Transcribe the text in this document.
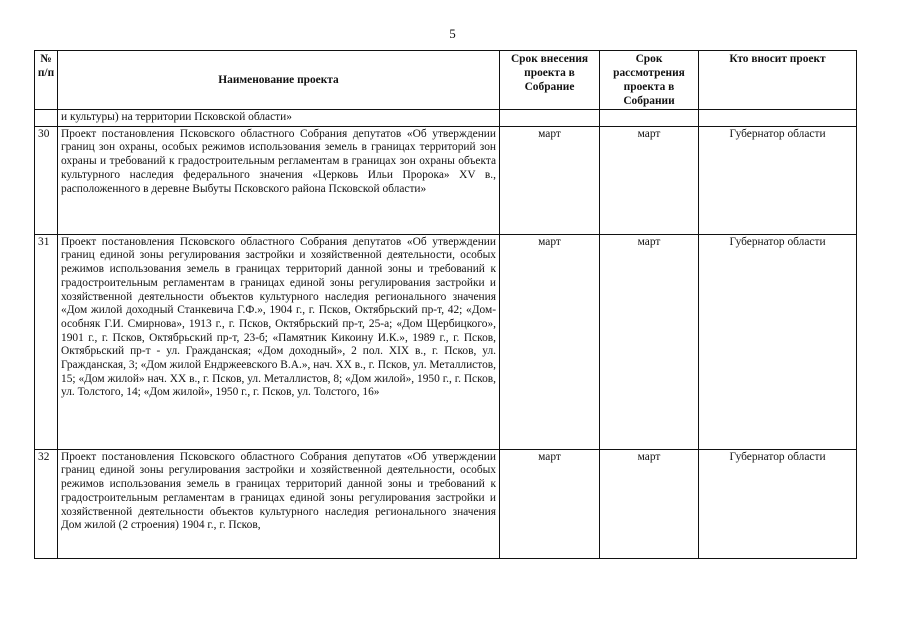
5
№ п/п	Наименование проекта	Срок внесения проекта в Собрание	Срок рассмотрения проекта в Собрании	Кто вносит проект
	и культуры) на территории Псковской области»			
30	Проект постановления Псковского областного Собрания депутатов «Об утверждении границ зон охраны, особых режимов использования земель в границах территорий зон охраны и требований к градостроительным регламентам в границах зон охраны объекта культурного наследия федерального значения «Церковь Ильи Пророка» XV в., расположенного в деревне Выбуты Псковского района Псковской области»	март	март	Губернатор области
31	Проект постановления Псковского областного Собрания депутатов «Об утверждении границ единой зоны регулирования застройки и хозяйственной деятельности, особых режимов использования земель в границах территорий данной зоны и требований к градостроительным регламентам в границах единой зоны регулирования застройки и хозяйственной деятельности объектов культурного наследия регионального значения «Дом жилой доходный Станкевича Г.Ф.», 1904 г., г. Псков, Октябрьский пр-т, 42; «Дом-особняк Г.И. Смирнова», 1913 г., г. Псков, Октябрьский пр-т, 25-а; «Дом Щербицкого», 1901 г., г. Псков, Октябрьский пр-т, 23-б; «Памятник Кикоину И.К.», 1989 г., г. Псков, Октябрьский пр-т - ул. Гражданская; «Дом доходный», 2 пол. XIX в., г. Псков, ул. Гражданская, 3; «Дом жилой Ендржеевского В.А.», нач. XX в., г. Псков, ул. Металлистов, 15; «Дом жилой» нач. XX в., г. Псков, ул. Металлистов, 8; «Дом жилой», 1950 г., г. Псков, ул. Толстого, 14; «Дом жилой», 1950 г., г. Псков, ул. Толстого, 16»	март	март	Губернатор области
32	Проект постановления Псковского областного Собрания депутатов «Об утверждении границ единой зоны регулирования застройки и хозяйственной деятельности, особых режимов использования земель в границах территорий данной зоны и требований к градостроительным регламентам в границах единой зоны регулирования застройки и хозяйственной деятельности объектов культурного наследия регионального значения Дом жилой (2 строения) 1904 г., г. Псков,	март	март	Губернатор области
